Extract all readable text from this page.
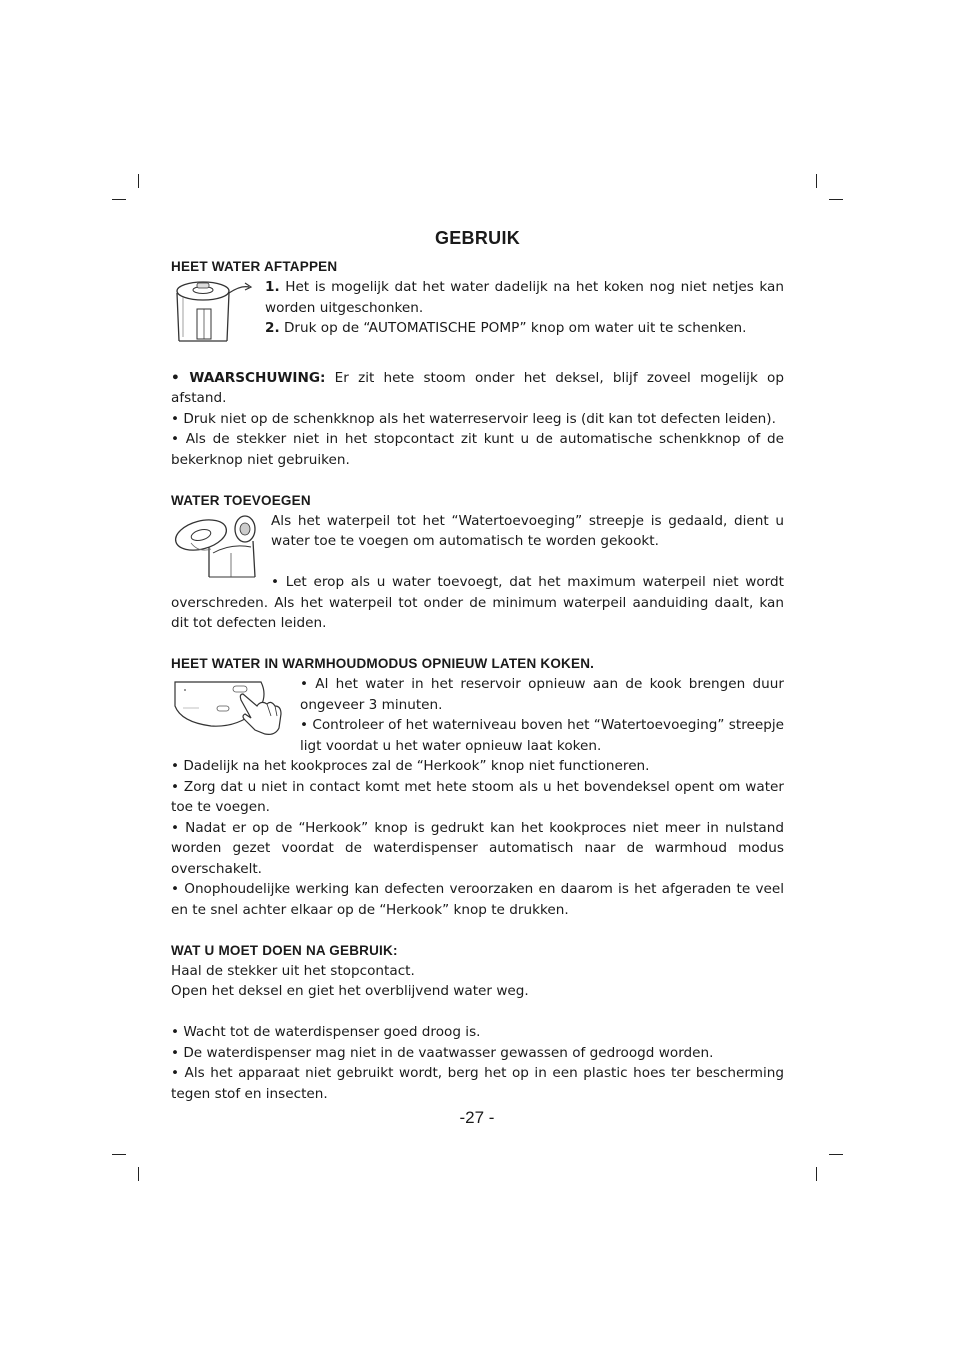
GEBRUIK
HEET WATER AFTAPPEN

1. Het is mogelijk dat het water dadelijk na het koken nog niet netjes kan worden uitgeschonken.

2. Druk op de “AUTOMATISCHE POMP” knop om water uit te schenken.

• WAARSCHUWING: Er zit hete stoom onder het deksel, blijf zoveel mogelijk op afstand.

• Druk niet op de schenkknop als het waterreservoir leeg is (dit kan tot defecten leiden).

• Als de stekker niet in het stopcontact zit kunt u de automatische schenkknop of de bekerknop niet gebruiken.

WATER TOEVOEGEN

Als het waterpeil tot het “Watertoevoeging” streepje is gedaald, dient u water toe te voegen om automatisch te worden gekookt.

• Let erop als u water toevoegt, dat het maximum waterpeil niet wordt overschreden. Als het waterpeil tot onder de minimum waterpeil aanduiding daalt, kan dit tot defecten leiden.

HEET WATER IN WARMHOUDMODUS OPNIEUW LATEN KOKEN.

• Al het water in het reservoir opnieuw aan de kook brengen duur ongeveer 3 minuten.

• Controleer of het waterniveau boven het “Watertoevoeging” streepje ligt voordat u het water opnieuw laat koken.

• Dadelijk na het kookproces zal de “Herkook” knop niet functioneren.

• Zorg dat u niet in contact komt met hete stoom als u het bovendeksel opent om water toe te voegen.

• Nadat er op de “Herkook” knop is gedrukt kan het kookproces niet meer in nulstand worden gezet voordat de waterdispenser automatisch naar de warmhoud modus overschakelt.

• Onophoudelijke werking kan defecten veroorzaken en daarom is het afgeraden te veel en te snel achter elkaar op de “Herkook” knop te drukken.

WAT U MOET DOEN NA GEBRUIK:

Haal de stekker uit het stopcontact.

Open het deksel en giet het overblijvend water weg.

• Wacht tot de waterdispenser goed droog is.

• De waterdispenser mag niet in de vaatwasser gewassen of gedroogd worden.

• Als het apparaat niet gebruikt wordt, berg het op in een plastic hoes ter bescherming tegen stof en insecten.

-27 -
